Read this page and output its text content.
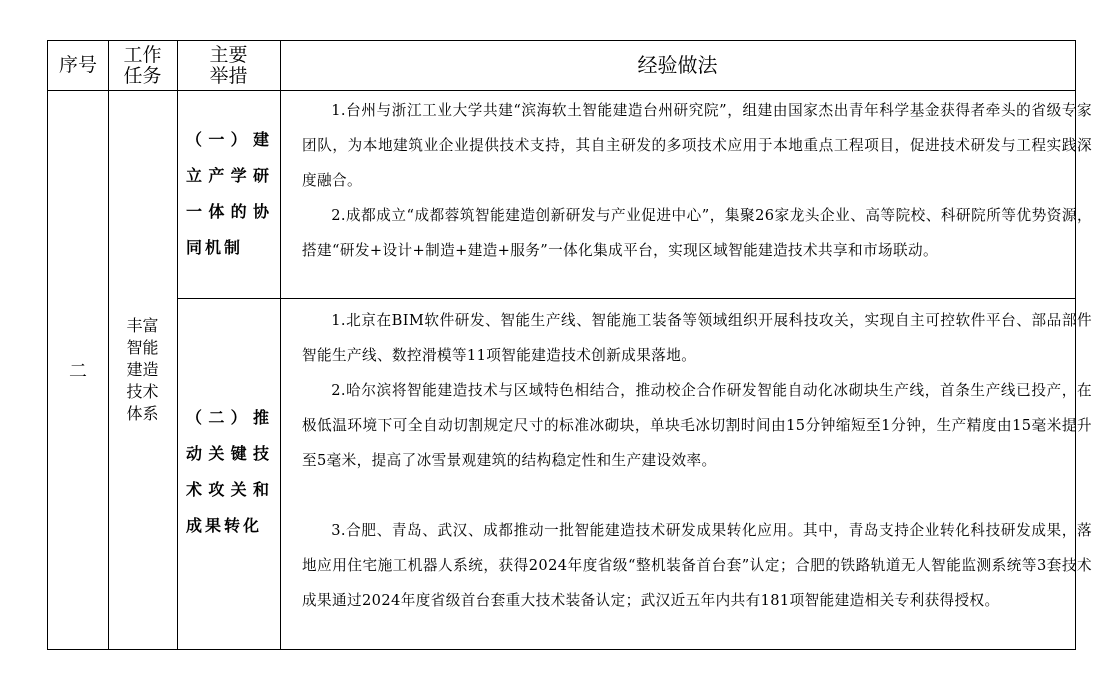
序号	工作
任务
主要
举措	经验做法
二
丰富
智能
建造
技术
体系
（一）建立产学研一体的协同机制
（二）推动关键技术攻关和成果转化
1.台州与浙江工业大学共建“滨海软土智能建造台州研究院”，组建由国家杰出青年科学基金获得者牵头的省级专家团队，为本地建筑业企业提供技术支持，其自主研发的多项技术应用于本地重点工程项目，促进技术研发与工程实践深度融合。
2.成都成立“成都蓉筑智能建造创新研发与产业促进中心”，集聚26家龙头企业、高等院校、科研院所等优势资源，搭建“研发+设计+制造+建造+服务”一体化集成平台，实现区域智能建造技术共享和市场联动。
1.北京在BIM软件研发、智能生产线、智能施工装备等领域组织开展科技攻关，实现自主可控软件平台、部品部件智能生产线、数控滑模等11项智能建造技术创新成果落地。
2.哈尔滨将智能建造技术与区域特色相结合，推动校企合作研发智能自动化冰砌块生产线，首条生产线已投产，在极低温环境下可全自动切割规定尺寸的标准冰砌块，单块毛冰切割时间由15分钟缩短至1分钟，生产精度由15毫米提升至5毫米，提高了冰雪景观建筑的结构稳定性和生产建设效率。
3.合肥、青岛、武汉、成都推动一批智能建造技术研发成果转化应用。其中，青岛支持企业转化科技研发成果，落地应用住宅施工机器人系统，获得2024年度省级“整机装备首台套”认定；合肥的铁路轨道无人智能监测系统等3套技术成果通过2024年度省级首台套重大技术装备认定；武汉近五年内共有181项智能建造相关专利获得授权。
